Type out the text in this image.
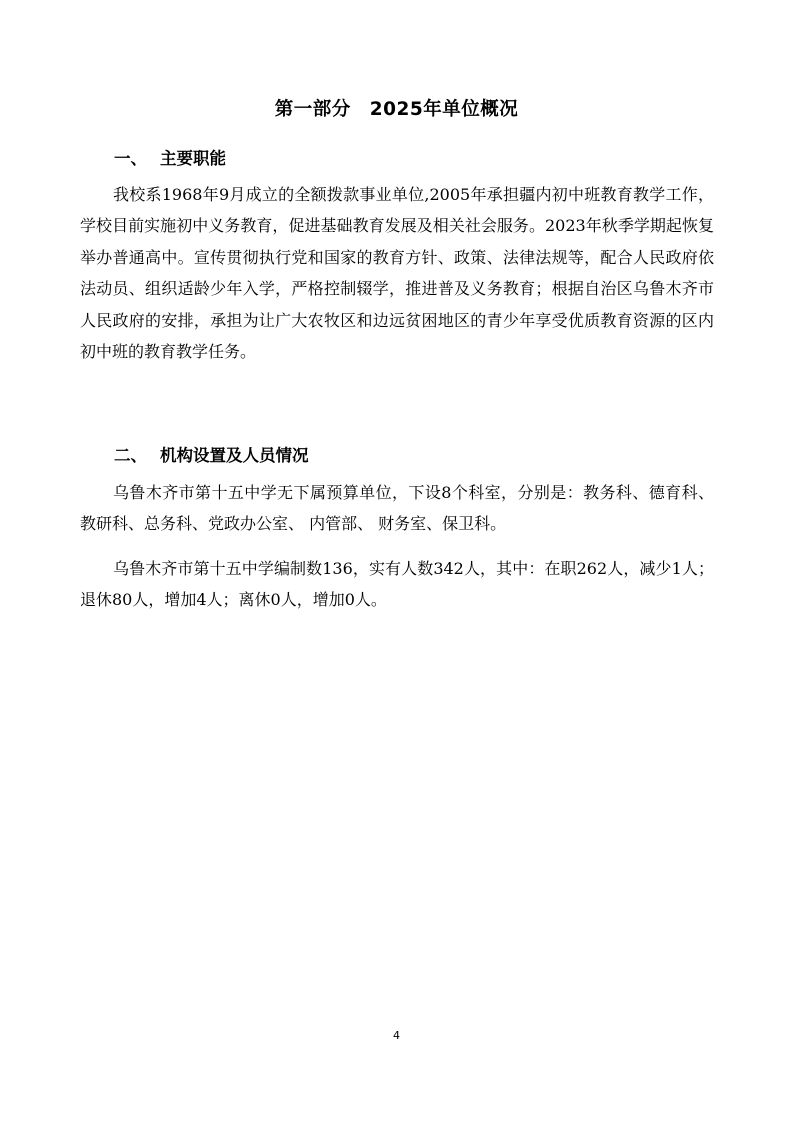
第一部分　2025年单位概况
一、 主要职能

我校系1968年9月成立的全额拨款事业单位,2005年承担疆内初中班教育教学工作，学校目前实施初中义务教育，促进基础教育发展及相关社会服务。2023年秋季学期起恢复举办普通高中。宣传贯彻执行党和国家的教育方针、政策、法律法规等，配合人民政府依法动员、组织适龄少年入学，严格控制辍学，推进普及义务教育；根据自治区乌鲁木齐市人民政府的安排，承担为让广大农牧区和边远贫困地区的青少年享受优质教育资源的区内初中班的教育教学任务。

二、 机构设置及人员情况

乌鲁木齐市第十五中学无下属预算单位，下设8个科室，分别是：教务科、德育科、教研科、总务科、党政办公室、 内管部、 财务室、保卫科。

乌鲁木齐市第十五中学编制数136，实有人数342人，其中：在职262人，减少1人；退休80人，增加4人；离休0人，增加0人。

4
